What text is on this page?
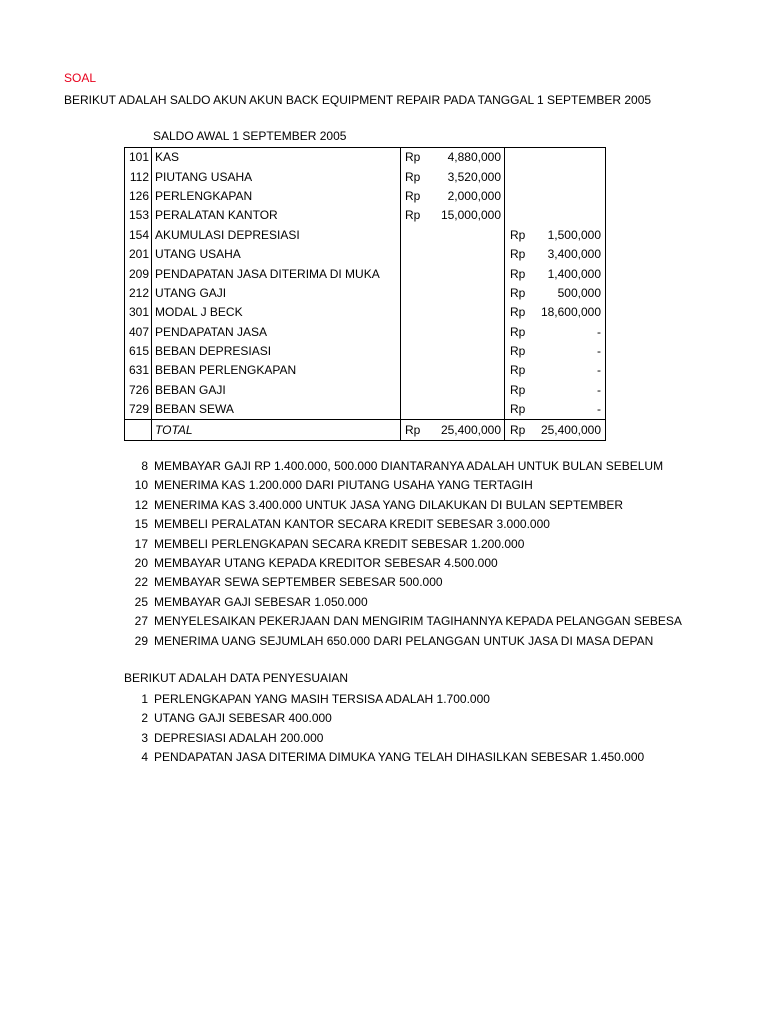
SOAL
BERIKUT ADALAH SALDO AKUN AKUN BACK EQUIPMENT REPAIR PADA TANGGAL 1 SEPTEMBER 2005
SALDO AWAL 1 SEPTEMBER 2005
101	KAS	Rp	4,880,000		
112	PIUTANG USAHA	Rp	3,520,000		
126	PERLENGKAPAN	Rp	2,000,000		
153	PERALATAN KANTOR	Rp	15,000,000		
154	AKUMULASI DEPRESIASI			Rp	1,500,000
201	UTANG USAHA			Rp	3,400,000
209	PENDAPATAN JASA DITERIMA DI MUKA			Rp	1,400,000
212	UTANG GAJI			Rp	500,000
301	MODAL J BECK			Rp	18,600,000
407	PENDAPATAN JASA			Rp	-
615	BEBAN DEPRESIASI			Rp	-
631	BEBAN PERLENGKAPAN			Rp	-
726	BEBAN GAJI			Rp	-
729	BEBAN SEWA			Rp	-
	TOTAL	Rp	25,400,000	Rp	25,400,000
8 MEMBAYAR GAJI RP 1.400.000, 500.000 DIANTARANYA ADALAH UNTUK BULAN SEBELUM
10 MENERIMA KAS 1.200.000 DARI PIUTANG USAHA YANG TERTAGIH
12 MENERIMA KAS 3.400.000 UNTUK JASA YANG DILAKUKAN DI BULAN SEPTEMBER
15 MEMBELI PERALATAN KANTOR SECARA KREDIT SEBESAR 3.000.000
17 MEMBELI PERLENGKAPAN SECARA KREDIT SEBESAR 1.200.000
20 MEMBAYAR UTANG KEPADA KREDITOR SEBESAR 4.500.000
22 MEMBAYAR SEWA SEPTEMBER SEBESAR 500.000
25 MEMBAYAR GAJI SEBESAR 1.050.000
27 MENYELESAIKAN PEKERJAAN DAN MENGIRIM TAGIHANNYA KEPADA PELANGGAN SEBESA
29 MENERIMA UANG SEJUMLAH 650.000 DARI PELANGGAN UNTUK JASA DI MASA DEPAN
BERIKUT ADALAH DATA PENYESUAIAN
1 PERLENGKAPAN YANG MASIH TERSISA ADALAH 1.700.000
2 UTANG GAJI SEBESAR 400.000
3 DEPRESIASI ADALAH 200.000
4 PENDAPATAN JASA DITERIMA DIMUKA YANG TELAH DIHASILKAN SEBESAR 1.450.000
